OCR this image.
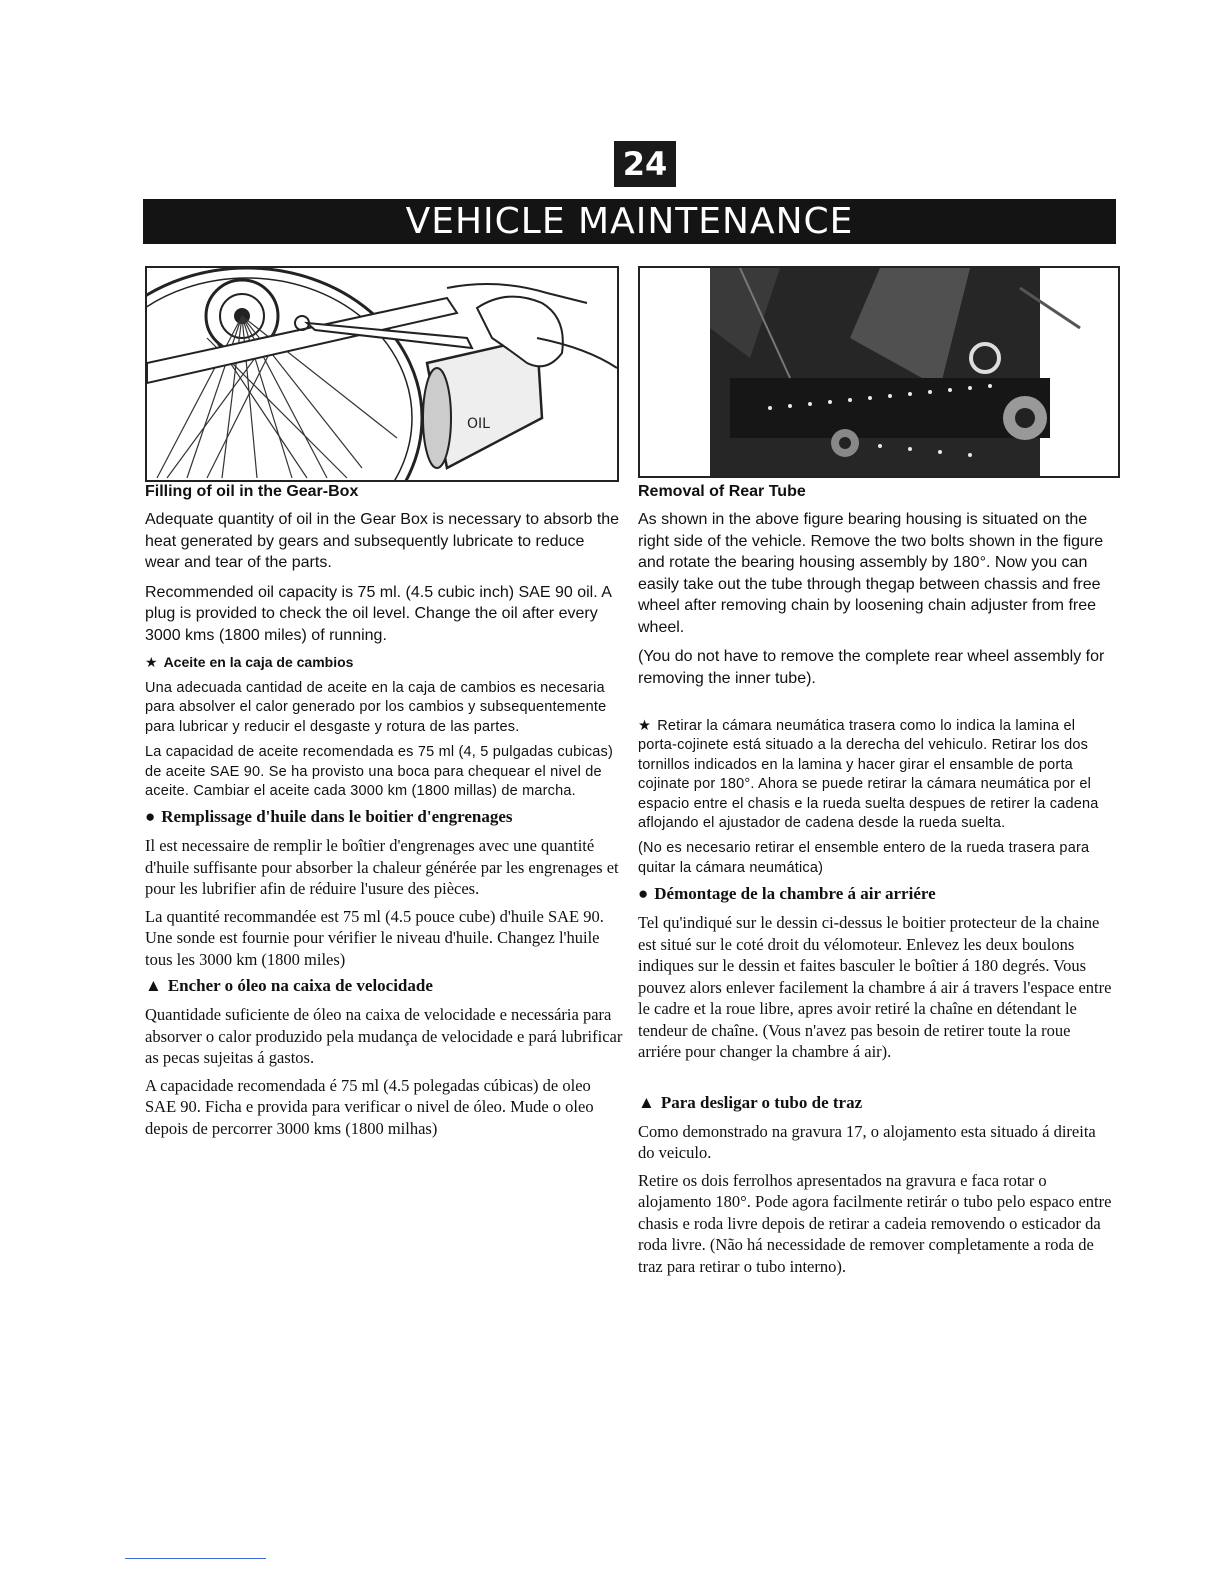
24
VEHICLE MAINTENANCE
OIL
Filling of oil in the Gear-Box

Adequate quantity of oil in the Gear Box is necessary to absorb the heat generated by gears and subsequently lubricate to reduce wear and tear of the parts.

Recommended oil capacity is 75 ml. (4.5 cubic inch) SAE 90 oil. A plug is provided to check the oil level. Change the oil after every 3000 kms (1800 miles) of running.

★ Aceite en la caja de cambios

Una adecuada cantidad de aceite en la caja de cambios es necesaria para absolver el calor generado por los cambios y subsequentemente para lubricar y reducir el desgaste y rotura de las partes.

La capacidad de aceite recomendada es 75 ml (4, 5 pulgadas cubicas) de aceite SAE 90. Se ha provisto una boca para chequear el nivel de aceite. Cambiar el aceite cada 3000 km (1800 millas) de marcha.

● Remplissage d'huile dans le boitier d'engrenages

Il est necessaire de remplir le boîtier d'engrenages avec une quantité d'huile suffisante pour absorber la chaleur générée par les engrenages et pour les lubrifier afin de réduire l'usure des pièces.

La quantité recommandée est 75 ml (4.5 pouce cube) d'huile SAE 90. Une sonde est fournie pour vérifier le niveau d'huile. Changez l'huile tous les 3000 km (1800 miles)

▲ Encher o óleo na caixa de velocidade

Quantidade suficiente de óleo na caixa de velocidade e necessária para absorver o calor produzido pela mudança de velocidade e pará lubrificar as pecas sujeitas á gastos.

A capacidade recomendada é 75 ml (4.5 polegadas cúbicas) de oleo SAE 90. Ficha e provida para verificar o nivel de óleo. Mude o oleo depois de percorrer 3000 kms (1800 milhas)

Removal of Rear Tube

As shown in the above figure bearing housing is situated on the right side of the vehicle. Remove the two bolts shown in the figure and rotate the bearing housing assembly by 180°. Now you can easily take out the tube through thegap between chassis and free wheel after removing chain by loosening chain adjuster from free wheel.

(You do not have to remove the complete rear wheel assembly for removing the inner tube).

★ Retirar la cámara neumática trasera como lo indica la lamina el porta-cojinete está situado a la derecha del vehiculo. Retirar los dos tornillos indicados en la lamina y hacer girar el ensamble de porta cojinate por 180°. Ahora se puede retirar la cámara neumática por el espacio entre el chasis e la rueda suelta despues de retirer la cadena aflojando el ajustador de cadena desde la rueda suelta.

(No es necesario retirar el ensemble entero de la rueda trasera para quitar la cámara neumática)

● Démontage de la chambre á air arriére

Tel qu'indiqué sur le dessin ci-dessus le boitier protecteur de la chaine est situé sur le coté droit du vélomoteur. Enlevez les deux boulons indiques sur le dessin et faites basculer le boîtier á 180 degrés. Vous pouvez alors enlever facilement la chambre á air á travers l'espace entre le cadre et la roue libre, apres avoir retiré la chaîne en détendant le tendeur de chaîne. (Vous n'avez pas besoin de retirer toute la roue arriére pour changer la chambre á air).

▲ Para desligar o tubo de traz

Como demonstrado na gravura 17, o alojamento esta situado á direita do veiculo.

Retire os dois ferrolhos apresentados na gravura e faca rotar o alojamento 180°. Pode agora facilmente retirár o tubo pelo espaco entre chasis e roda livre depois de retirar a cadeia removendo o esticador da roda livre. (Não há necessidade de remover completamente a roda de traz para retirar o tubo interno).
